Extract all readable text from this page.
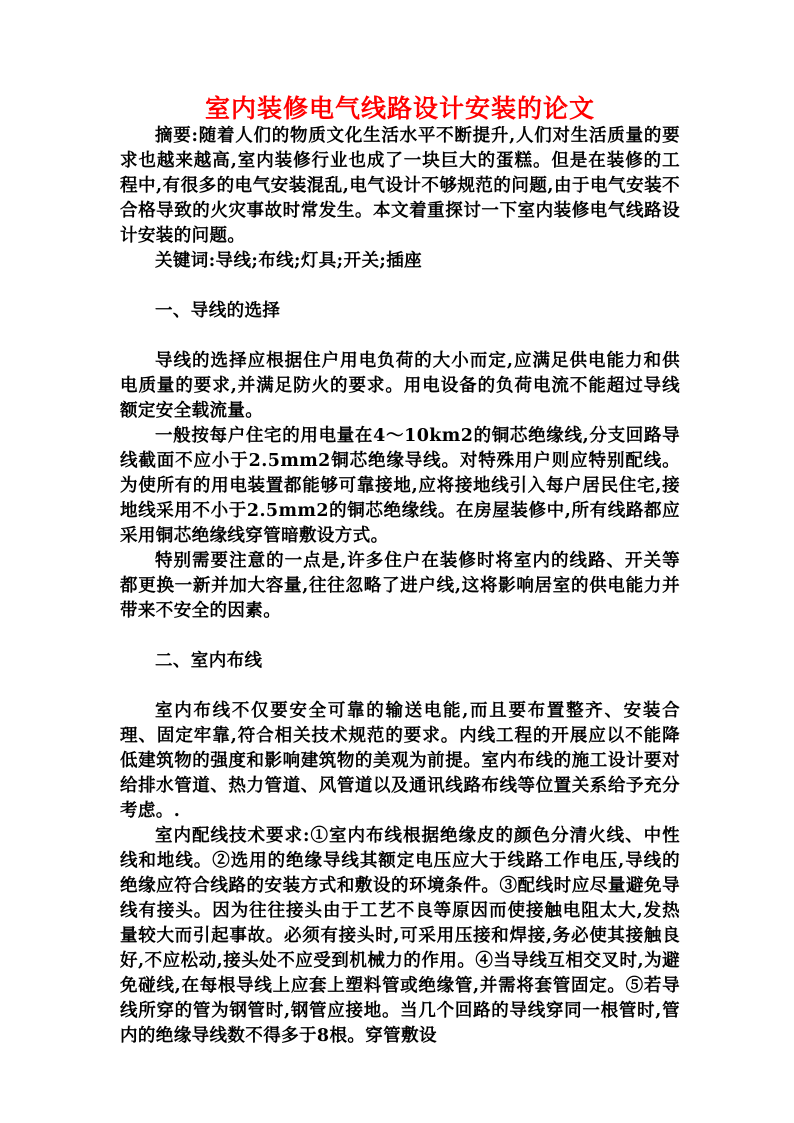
室内装修电气线路设计安装的论文

摘要:随着人们的物质文化生活水平不断提升,人们对生活质量的要求也越来越高,室内装修行业也成了一块巨大的蛋糕。但是在装修的工程中,有很多的电气安装混乱,电气设计不够规范的问题,由于电气安装不合格导致的火灾事故时常发生。本文着重探讨一下室内装修电气线路设计安装的问题。

关键词:导线;布线;灯具;开关;插座

一、导线的选择

导线的选择应根据住户用电负荷的大小而定,应满足供电能力和供电质量的要求,并满足防火的要求。用电设备的负荷电流不能超过导线额定安全载流量。

一般按每户住宅的用电量在4～10km2的铜芯绝缘线,分支回路导线截面不应小于2.5mm2铜芯绝缘导线。对特殊用户则应特别配线。为使所有的用电装置都能够可靠接地,应将接地线引入每户居民住宅,接地线采用不小于2.5mm2的铜芯绝缘线。在房屋装修中,所有线路都应采用铜芯绝缘线穿管暗敷设方式。

特别需要注意的一点是,许多住户在装修时将室内的线路、开关等都更换一新并加大容量,往往忽略了进户线,这将影响居室的供电能力并带来不安全的因素。

二、室内布线

室内布线不仅要安全可靠的输送电能,而且要布置整齐、安装合理、固定牢靠,符合相关技术规范的要求。内线工程的开展应以不能降低建筑物的强度和影响建筑物的美观为前提。室内布线的施工设计要对给排水管道、热力管道、风管道以及通讯线路布线等位置关系给予充分考虑。.

室内配线技术要求:①室内布线根据绝缘皮的颜色分清火线、中性线和地线。②选用的绝缘导线其额定电压应大于线路工作电压,导线的绝缘应符合线路的安装方式和敷设的环境条件。③配线时应尽量避免导线有接头。因为往往接头由于工艺不良等原因而使接触电阻太大,发热量较大而引起事故。必须有接头时,可采用压接和焊接,务必使其接触良好,不应松动,接头处不应受到机械力的作用。④当导线互相交叉时,为避免碰线,在每根导线上应套上塑料管或绝缘管,并需将套管固定。⑤若导线所穿的管为钢管时,钢管应接地。当几个回路的导线穿同一根管时,管内的绝缘导线数不得多于8根。穿管敷设
